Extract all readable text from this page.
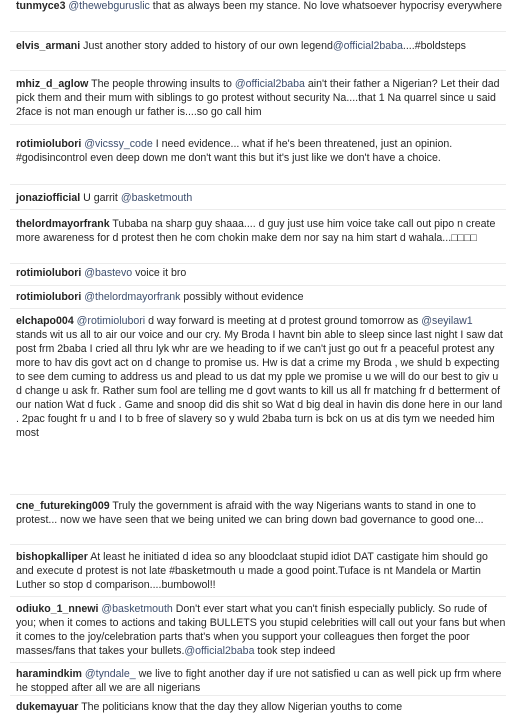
tunmyce3 @thewebguruslic that as always been my stance. No love whatsoever hypocrisy everywhere

elvis_armani Just another story added to history of our own legend@official2baba....#boldsteps

mhiz_d_aglow The people throwing insults to @official2baba ain't their father a Nigerian? Let their dad pick them and their mum with siblings to go protest without security Na....that 1 Na quarrel since u said 2face is not man enough ur father is....so go call him

rotimiolubori @vicssy_code I need evidence... what if he's been threatened, just an opinion. #godisincontrol even deep down me don't want this but it's just like we don't have a choice.

jonaziofficial U garrit @basketmouth

thelordmayorfrank Tubaba na sharp guy shaaa.... d guy just use him voice take call out pipo n create more awareness for d protest then he com chokin make dem nor say na him start d wahala...□□□□

rotimiolubori @bastevo voice it bro

rotimiolubori @thelordmayorfrank possibly without evidence

elchapo004 @rotimiolubori d way forward is meeting at d protest ground tomorrow as @seyilaw1 stands wit us all to air our voice and our cry. My Broda I havnt bin able to sleep since last night I saw dat post frm 2baba I cried all thru lyk whr are we heading to if we can't just go out fr a peaceful protest any more to hav dis govt act on d change to promise us. Hw is dat a crime my Broda , we shuld b expecting to see dem cuming to address us and plead to us dat my pple we promise u we will do our best to giv u d change u ask fr. Rather sum fool are telling me d govt wants to kill us all fr matching fr d betterment of our nation Wat d fuck . Game and snoop did dis shit so Wat d big deal in havin dis done here in our land . 2pac fought fr u and I to b free of slavery so y wuld 2baba turn is bck on us at dis tym we needed him most

cne_futureking009 Truly the government is afraid with the way Nigerians wants to stand in one to protest... now we have seen that we being united we can bring down bad governance to good one...

bishopkalliper At least he initiated d idea so any bloodclaat stupid idiot DAT castigate him should go and execute d protest is not late #basketmouth u made a good point.Tuface is nt Mandela or Martin Luther so stop d comparison....bumbowol!!

odiuko_1_nnewi @basketmouth Don't ever start what you can't finish especially publicly. So rude of you; when it comes to actions and taking BULLETS you stupid celebrities will call out your fans but when it comes to the joy/celebration parts that's when you support your colleagues then forget the poor masses/fans that takes your bullets.@official2baba took step indeed

haramindkim @tyndale_ we live to fight another day if ure not satisfied u can as well pick up frm where he stopped after all we are all nigerians

dukemayuar The politicians know that the day they allow Nigerian youths to come
